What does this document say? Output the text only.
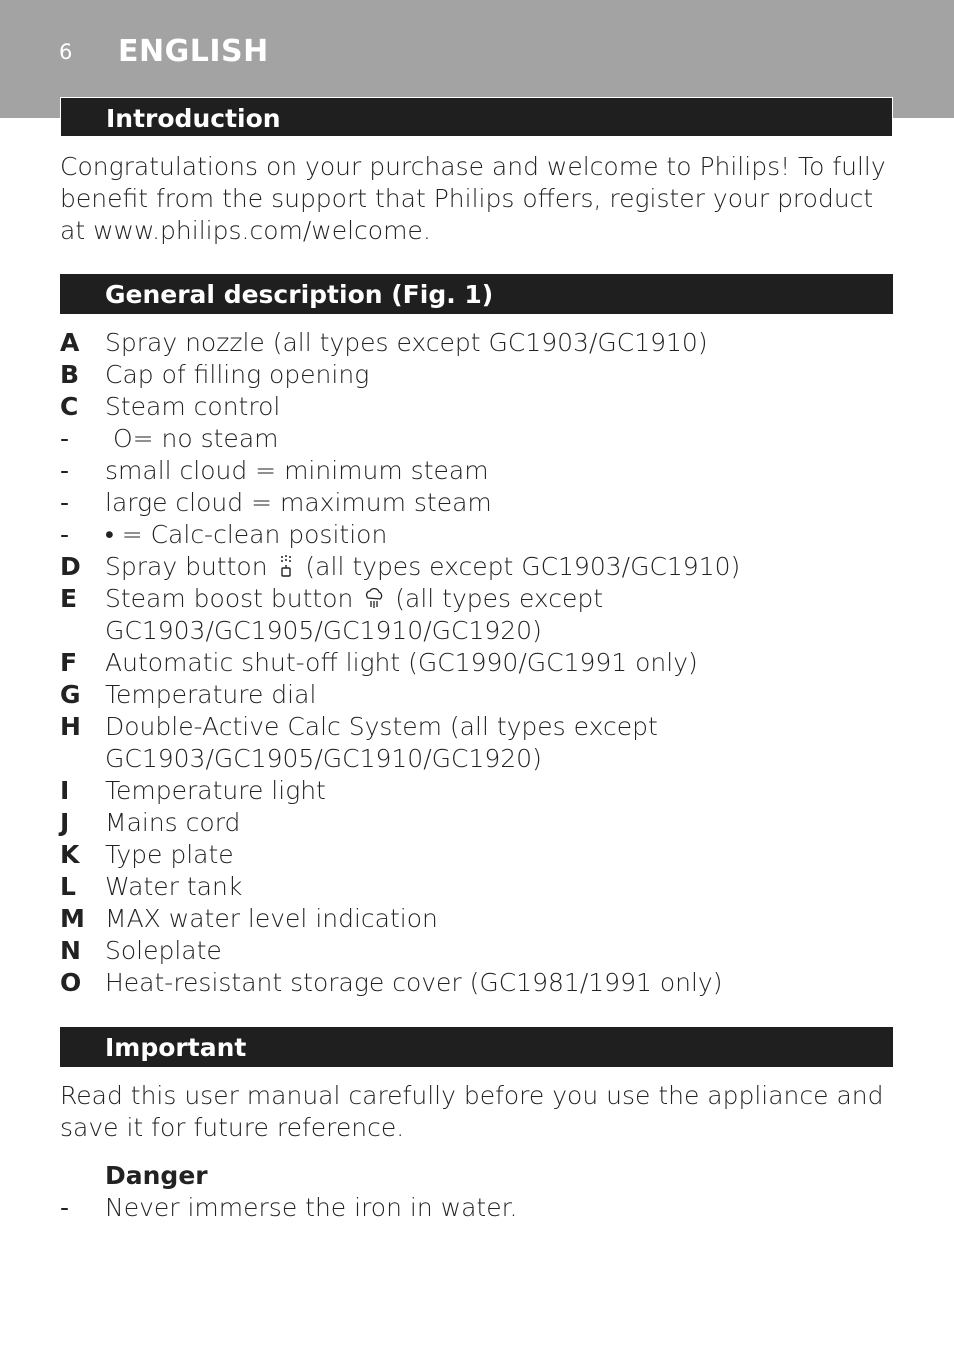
6 ENGLISH
Introduction

Congratulations on your purchase and welcome to Philips! To fully benefit from the support that Philips offers, register your product at www.philips.com/welcome.

General description (Fig. 1)
A	Spray nozzle (all types except GC1903/GC1910)
B	Cap of filling opening
C	Steam control
-	O= no steam
-	small cloud = minimum steam
-	large cloud = maximum steam
-	• = Calc-clean position
D Spray button  (all types except GC1903/GC1910)
E	Steam boost button  (all types except GC1903/GC1905/GC1910/GC1920)
F	Automatic shut-off light (GC1990/GC1991 only)
G Temperature dial
H Double-Active Calc System (all types except GC1903/GC1905/GC1910/GC1920)
I	Temperature light
J	Mains cord
K	Type plate
L	Water tank
M MAX water level indication
N Soleplate
O Heat-resistant storage cover (GC1981/1991 only)
Important

Read this user manual carefully before you use the appliance and save it for future reference.

Danger
-	Never immerse the iron in water.
